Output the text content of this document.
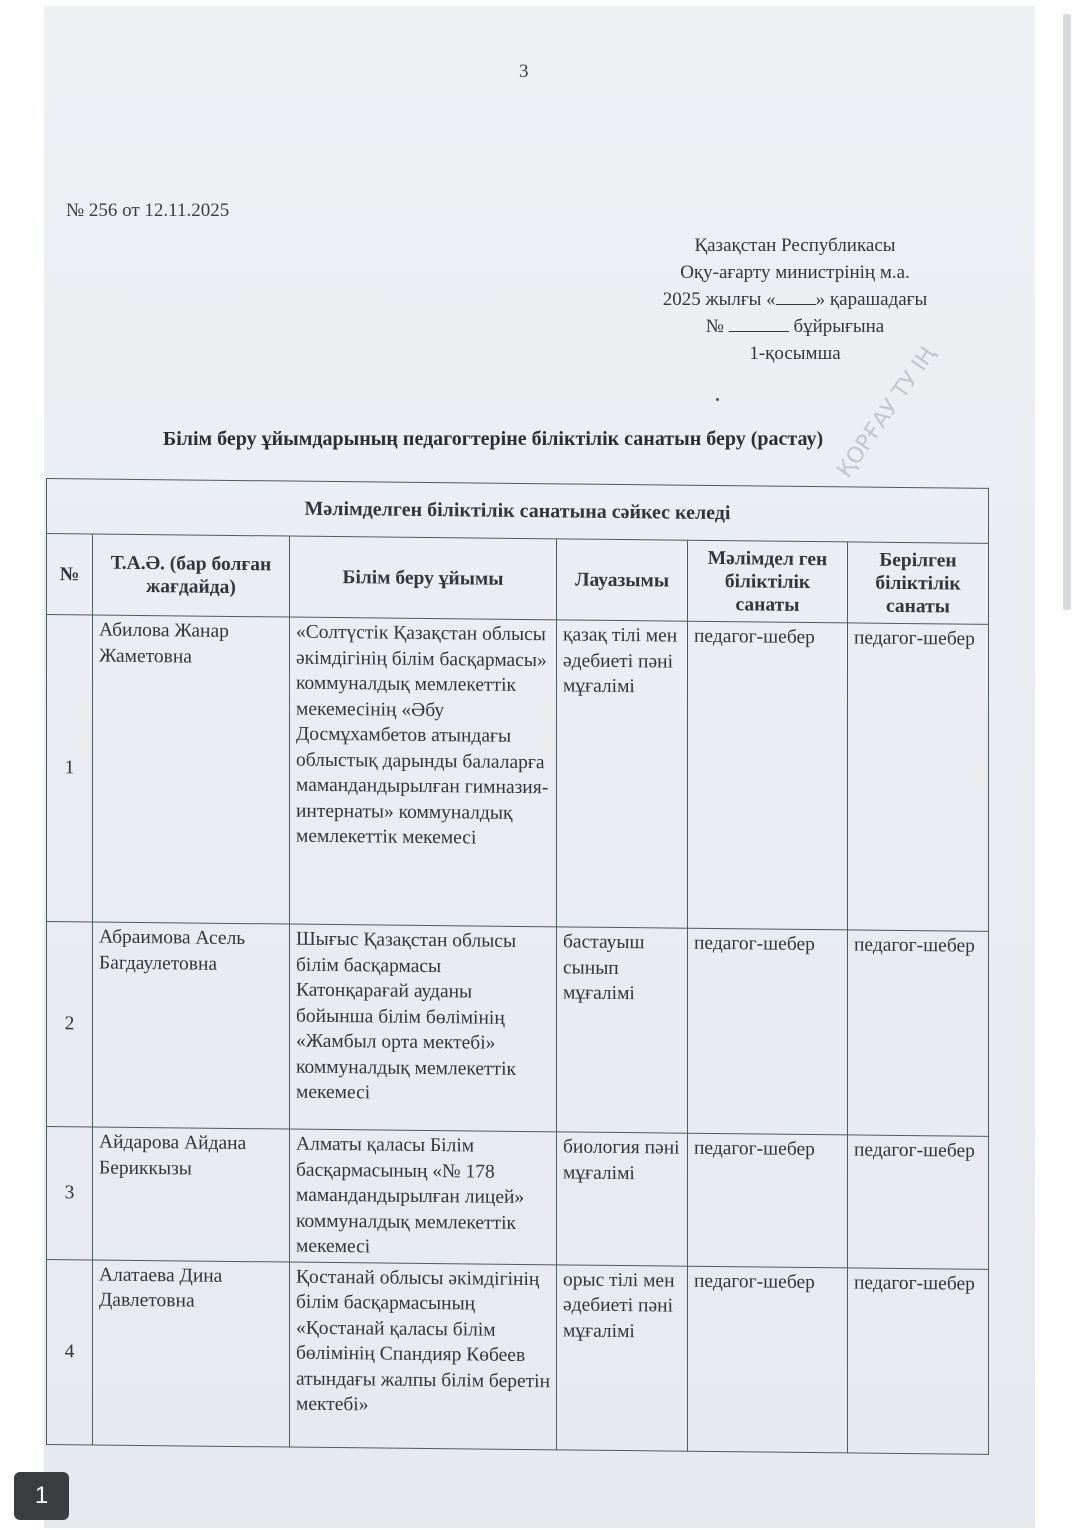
3
№ 256 от 12.11.2025
Қазақстан Республикасы
Оқу-ағарту министрінің м.а.
2025 жылғы « » қарашадағы
№	бұйрығына
1-қосымша
Білім беру ұйымдарының педагогтеріне біліктілік санатын беру (растау) ҚОРҒАУ ТУ ІҢ
Мәлімделген біліктілік санатына сәйкес келеді					
№	Т.А.Ә. (бар болған жағдайда)	Білім беру ұйымы	Лауазымы	Мәлімдел ген біліктілік санаты	Берілген біліктілік санаты
1	Абилова Жанар Жаметовна	«Солтүстік Қазақстан облысы әкімдігінің білім басқармасы» коммуналдық мемлекеттік мекемесінің «Әбу Досмұхамбетов атындағы облыстық дарынды балаларға мамандандырылған гимназия-интернаты» коммуналдық мемлекеттік мекемесі	қазақ тілі мен әдебиеті пәні мұғалімі	педагог-шебер	педагог-шебер
2	Абраимова Асель Багдаулетовна	Шығыс Қазақстан облысы білім басқармасы Катонқарағай ауданы бойынша білім бөлімінің «Жамбыл орта мектебі» коммуналдық мемлекеттік мекемесі	бастауыш сынып мұғалімі	педагог-шебер	педагог-шебер
3	Айдарова Айдана Бериккызы	Алматы қаласы Білім басқармасының «№ 178 мамандандырылған лицей» коммуналдық мемлекеттік мекемесі	биология пәні мұғалімі	педагог-шебер	педагог-шебер
4	Алатаева Дина Давлетовна	Қостанай облысы әкімдігінің білім басқармасының «Қостанай қаласы білім бөлімінің Спандияр Көбеев атындағы жалпы білім беретін мектебі»	орыс тілі мен әдебиеті пәні мұғалімі	педагог-шебер	педагог-шебер
1
